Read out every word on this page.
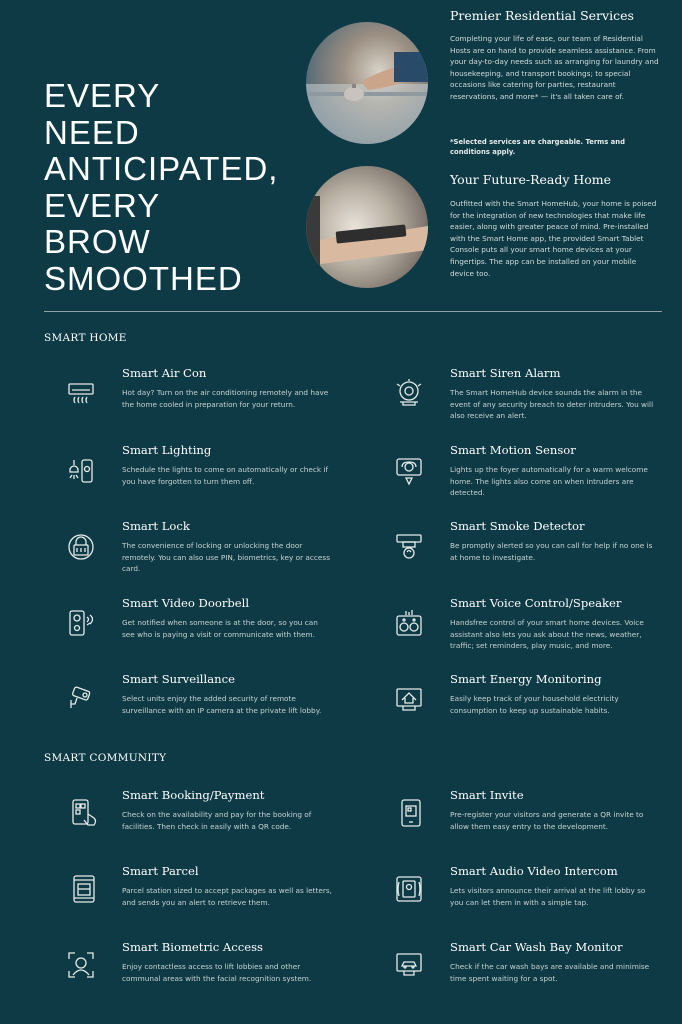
EVERY
NEED
ANTICIPATED,
EVERY
BROW
SMOOTHED
Premier Residential Services
Completing your life of ease, our team of Residential Hosts are on hand to provide seamless assistance. From your day-to-day needs such as arranging for laundry and housekeeping, and transport bookings; to special occasions like catering for parties, restaurant reservations, and more* — it's all taken care of.
*Selected services are chargeable. Terms and conditions apply.
Your Future-Ready Home
Outfitted with the Smart HomeHub, your home is poised for the integration of new technologies that make life easier, along with greater peace of mind. Pre-installed with the Smart Home app, the provided Smart Tablet Console puts all your smart home devices at your fingertips. The app can be installed on your mobile device too.
SMART HOME
Smart Air Con
Hot day? Turn on the air conditioning remotely and have the home cooled in preparation for your return.
Smart Lighting
Schedule the lights to come on automatically or check if you have forgotten to turn them off.
Smart Lock
The convenience of locking or unlocking the door remotely. You can also use PIN, biometrics, key or access card.
Smart Video Doorbell
Get notified when someone is at the door, so you can see who is paying a visit or communicate with them.
Smart Surveillance
Select units enjoy the added security of remote surveillance with an IP camera at the private lift lobby.
Smart Siren Alarm
The Smart HomeHub device sounds the alarm in the event of any security breach to deter intruders. You will also receive an alert.
Smart Motion Sensor
Lights up the foyer automatically for a warm welcome home. The lights also come on when intruders are detected.
Smart Smoke Detector
Be promptly alerted so you can call for help if no one is at home to investigate.
Smart Voice Control/Speaker
Handsfree control of your smart home devices. Voice assistant also lets you ask about the news, weather, traffic; set reminders, play music, and more.
Smart Energy Monitoring
Easily keep track of your household electricity consumption to keep up sustainable habits.
SMART COMMUNITY
Smart Booking/Payment
Check on the availability and pay for the booking of facilities. Then check in easily with a QR code.
Smart Parcel
Parcel station sized to accept packages as well as letters, and sends you an alert to retrieve them.
Smart Biometric Access
Enjoy contactless access to lift lobbies and other communal areas with the facial recognition system.
Smart Invite
Pre-register your visitors and generate a QR invite to allow them easy entry to the development.
Smart Audio Video Intercom
Lets visitors announce their arrival at the lift lobby so you can let them in with a simple tap.
Smart Car Wash Bay Monitor
Check if the car wash bays are available and minimise time spent waiting for a spot.
